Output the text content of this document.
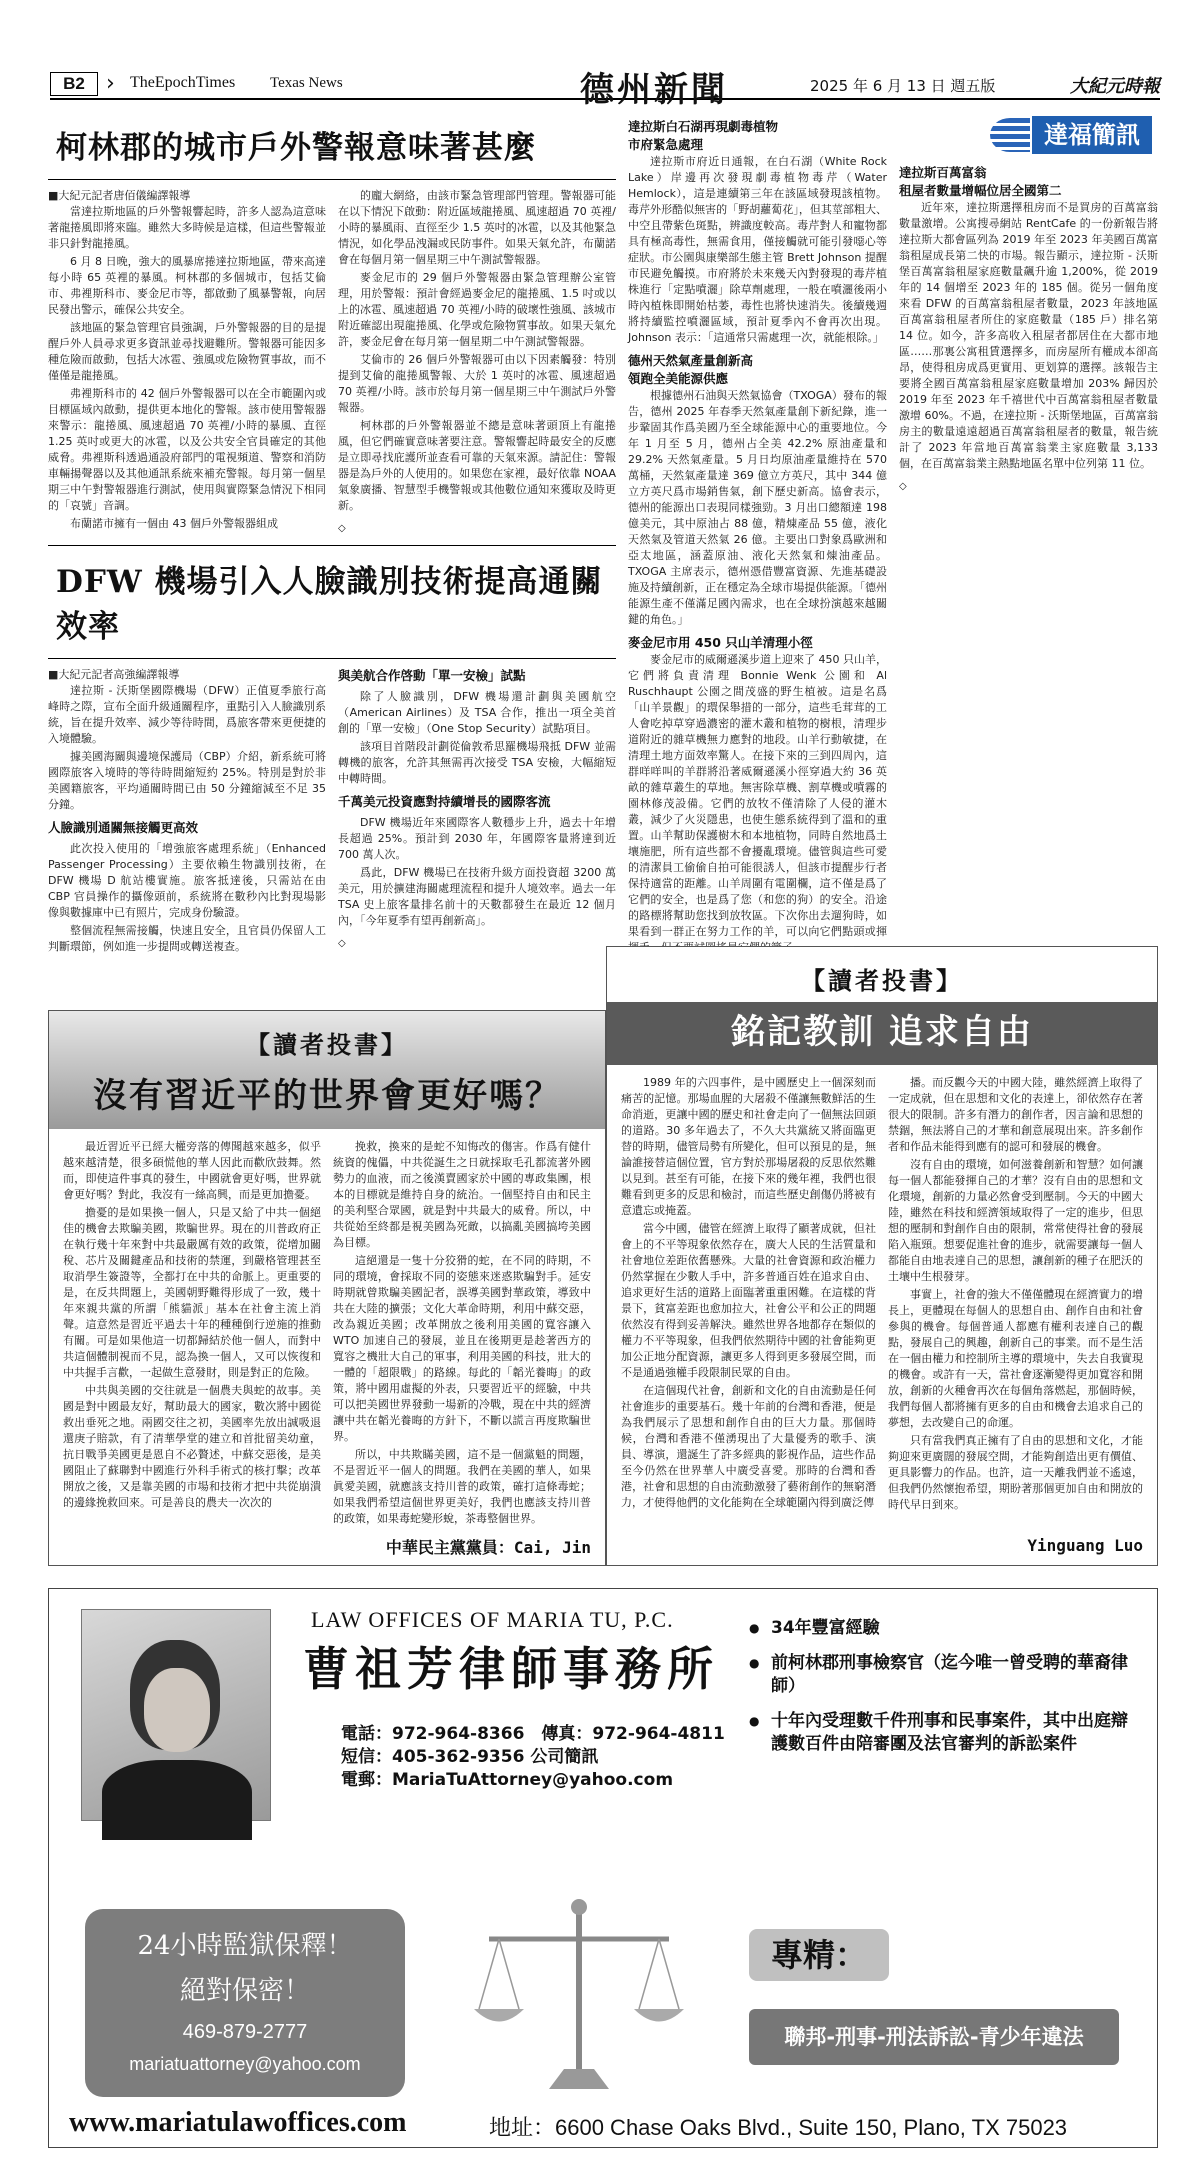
B2 › TheEpochTimes Texas News	德州新聞	2025 年 6 月 13 日 週五版	大紀元時報
柯林郡的城市戶外警報意味著甚麼
■大紀元記者唐佰儀編譯報導

當達拉斯地區的戶外警報響起時，許多人認為這意味著龍捲風即將來臨。雖然大多時候是這樣，但這些警報並非只針對龍捲風。

6 月 8 日晚，強大的風暴席捲達拉斯地區，帶來高達每小時 65 英裡的暴風。柯林郡的多個城市，包括艾倫市、弗裡斯科市、麥金尼市等，都啟動了風暴警報，向居民發出警示，確保公共安全。

該地區的緊急管理官員強調，戶外警報器的目的是提醒戶外人員尋求更多資訊並尋找避難所。警報器可能因多種危險而啟動，包括大冰雹、強風或危險物質事故，而不僅僅是龍捲風。

弗裡斯科市的 42 個戶外警報器可以在全市範圍內或目標區域內啟動，提供更本地化的警報。該市使用警報器來警示：龍捲風、風速超過 70 英裡/小時的暴風、直徑 1.25 英吋或更大的冰雹，以及公共安全官員確定的其他威脅。弗裡斯科透過通設府部門的電視頻道、警察和消防車輛揚聲器以及其他通訊系統來補充警報。每月第一個星期三中午對警報器進行測試，使用與實際緊急情況下相同的「哀號」音調。

布蘭諾市擁有一個由 43 個戶外警報器組成

的龐大網絡，由該市緊急管理部門管理。警報器可能在以下情況下啟動：附近區域龍捲風、風速超過 70 英裡/小時的暴風雨、直徑至少 1.5 英吋的冰雹，以及其他緊急情況，如化學品洩漏或民防事件。如果天氣允許，布蘭諾會在每個月第一個星期三中午測試警報器。

麥金尼市的 29 個戶外警報器由緊急管理辦公室管理，用於警報：預計會經過麥金尼的龍捲風、1.5 吋或以上的冰雹、風速超過 70 英裡/小時的破壞性強風、該城市附近確認出現龍捲風、化學或危險物質事故。如果天氣允許，麥金尼會在每月第一個星期二中午測試警報器。

艾倫市的 26 個戶外警報器可由以下因素觸發：特別提到艾倫的龍捲風警報、大於 1 英吋的冰雹、風速超過 70 英裡/小時。該市於每月第一個星期三中午測試戶外警報器。

柯林郡的戶外警報器並不總是意味著頭頂上有龍捲風，但它們確實意味著要注意。警報響起時最安全的反應是立即尋找庇護所並查看可靠的天氣來源。請記住：警報器是為戶外的人使用的。如果您在家裡，最好依靠 NOAA 氣象廣播、智慧型手機警報或其他數位通知來獲取及時更新。

◇
DFW 機場引入人臉識別技術提高通關效率
■大紀元記者高強編譯報導

達拉斯 - 沃斯堡國際機場（DFW）正值夏季旅行高峰時之際，宣布全面升級通關程序，重點引入人臉識別系統，旨在提升效率、減少等待時間，爲旅客帶來更便捷的入境體驗。

據美國海關與邊境保護局（CBP）介紹，新系統可將國際旅客入境時的等待時間縮短約 25%。特別是對於非美國籍旅客，平均通關時間已由 50 分鐘縮減至不足 35 分鐘。

人臉識別通關無接觸更高效

此次投入使用的「增強旅客處理系統」（Enhanced Passenger Processing）主要依賴生物識別技術，在 DFW 機場 D 航站樓實施。旅客抵達後，只需站在由 CBP 官員操作的攝像頭前，系統將在數秒內比對現場影像與數據庫中已有照片，完成身份驗證。

整個流程無需接觸，快速且安全，且官員仍保留人工判斷環節，例如進一步提問或轉送複查。

與美航合作啓動「單一安檢」試點

除了人臉識別，DFW 機場還計劃與美國航空（American Airlines）及 TSA 合作，推出一項全美首創的「單一安檢」（One Stop Security）試點項目。

該項目首階段計劃從倫敦希思羅機場飛抵 DFW 並需轉機的旅客，允許其無需再次接受 TSA 安檢，大幅縮短中轉時間。

千萬美元投資應對持續增長的國際客流

DFW 機場近年來國際客人數穩步上升，過去十年增長超過 25%。預計到 2030 年，年國際客量將達到近 700 萬人次。

爲此，DFW 機場已在技術升級方面投資超 3200 萬美元，用於擴建海關處理流程和提升人境效率。過去一年 TSA 史上旅客量排名前十的天數都發生在最近 12 個月內，「今年夏季有望再創新高」。

◇
達福簡訊
達拉斯白石湖再現劇毒植物
市府緊急處理

達拉斯市府近日通報，在白石湖（White Rock Lake）岸邊再次發現劇毒植物毒芹（Water Hemlock），這是連續第三年在該區域發現該植物。毒芹外形酷似無害的「野胡蘿蔔花」，但其莖部粗大、中空且帶紫色斑點，辨識度較高。毒芹對人和寵物都具有極高毒性，無需食用，僅接觸就可能引發噁心等症狀。市公園與康樂部生態主管 Brett Johnson 提醒市民避免觸摸。市府將於未來幾天內對發現的毒芹植株進行「定點噴灑」除草劑處理，一般在噴灑後兩小時內植株即開始枯萎，毒性也將快速消失。後續幾週將持續監控噴灑區域，預計夏季內不會再次出現。Johnson 表示：「這通常只需處理一次，就能根除。」

德州天然氣產量創新高
領跑全美能源供應

根據德州石油與天然氣協會（TXOGA）發布的報告，德州 2025 年春季天然氣產量創下新紀錄，進一步鞏固其作爲美國乃至全球能源中心的重要地位。今年 1 月至 5 月，德州占全美 42.2% 原油產量和 29.2% 天然氣產量。5 月日均原油產量維持在 570 萬桶，天然氣產量達 369 億立方英尺，其中 344 億立方英尺爲市場銷售氣，創下歷史新高。協會表示，德州的能源出口表現同樣強勁。3 月出口總額達 198 億美元，其中原油占 88 億，精煉產品 55 億，液化天然氣及管道天然氣 26 億。主要出口對象爲歐洲和亞太地區，涵蓋原油、液化天然氣和煉油產品。TXOGA 主席表示，德州憑借豐富資源、先進基礎設施及持續創新，正在穩定為全球市場提供能源。「德州能源生產不僅滿足國內需求，也在全球扮演越來越關鍵的角色。」

麥金尼市用 450 只山羊清理小徑

麥金尼市的威爾遜溪步道上迎來了 450 只山羊，它們將負責清理 Bonnie Wenk 公園和 Al Ruschhaupt 公園之間茂盛的野生植被。這是名爲「山羊景觀」的環保舉措的一部分，這些毛茸茸的工人會吃掉草穿過濃密的灌木叢和植物的樹根，清理步道附近的雜草機無力應對的地段。山羊行動敏捷，在清理土地方面效率驚人。在接下來的三到四周內，這群咩咩叫的羊群將沿著威爾遜溪小徑穿過大約 36 英畝的雜草叢生的草地。無害除草機、割草機或噴霧的園林修茂設備。它們的放牧不僅清除了人侵的灌木叢，減少了火災隱患，也使生態系統得到了溫和的重置。山羊幫助保護樹木和本地植物，同時自然地爲土壤施肥，所有這些都不會擾亂環境。儘管與這些可愛的清潔員工偷偷自拍可能很誘人，但該市提醒步行者保持適當的距離。山羊周圍有電圍欄，這不僅是爲了它們的安全，也是爲了您（和您的狗）的安全。沿途的路標將幫助您找到放牧區。下次你出去遛狗時，如果看到一群正在努力工作的羊，可以向它們點頭或揮

達拉斯百萬富翁
租屋者數量增幅位居全國第二

近年來，達拉斯選擇租房而不是買房的百萬富翁數量激增。公寓搜尋網站 RentCafe 的一份新報告將達拉斯大都會區列為 2019 年至 2023 年美國百萬富翁租屋成長第二快的市場。報告顯示，達拉斯 - 沃斯堡百萬富翁租屋家庭數量飆升逾 1,200%，從 2019 年的 14 個增至 2023 年的 185 個。從另一個角度來看 DFW 的百萬富翁租屋者數量，2023 年該地區百萬富翁租屋者所住的家庭數量（185 戶）排名第 14 位。如今，許多高收入租屋者都居住在大都市地區……那裏公寓租賃選擇多，而房屋所有權成本卻高昂，使得租房成爲更實用、更划算的選擇。該報告主要將全國百萬富翁租屋家庭數量增加 203% 歸因於 2019 年至 2023 年千禧世代中百萬富翁租屋者數量激增 60%。不過，在達拉斯 - 沃斯堡地區，百萬富翁房主的數量遠遠超過百萬富翁租屋者的數量，報告統計了 2023 年當地百萬富翁業主家庭數量 3,133 個，在百萬富翁業主熱點地區名單中位列第 11 位。

◇
【讀者投書】
沒有習近平的世界會更好嗎？

最近習近平已經大權旁落的傳聞越來越多，似乎越來越清楚，很多碩慌他的華人因此而歡欣鼓舞。然而，即使這件事真的發生，中國就會更好嗎，世界就會更好嗎？對此，我沒有一絲高興，而是更加擔憂。

擔憂的是如果換一個人，只是又給了中共一個絕佳的機會去欺騙美國，欺騙世界。現在的川普政府正在執行幾十年來對中共最嚴厲有效的政策，從增加關稅、芯片及關鍵產品和技術的禁運，到嚴格管理甚至取消學生簽證等，全都打在中共的命脈上。更重要的是，在反共問題上，美國朝野難得形成了一致，幾十年來親共黨的所謂「熊貓派」基本在社會主流上消聲。這意然是習近平過去十年的種種倒行逆施的推動有關。可是如果他這一切都歸結於他一個人，而對中共這個體制視而不見，認為換一個人，又可以恢復和中共握手言歡，一起做生意發財，則是對正的危險。

中共與美國的交往就是一個農夫與蛇的故事。美國是對中國最友好，幫助最大的國家，數次將中國從救出垂死之地。兩國交往之初，美國率先放出誠吸退還庚子賠款，有了清華學堂的建立和首批留美幼童，抗日戰爭美國更是恩自不必贅述，中蘇交惡後，是美國阻止了蘇聯對中國進行外科手術式的核打擊；改革開放之後，又是靠美國的市場和技術才把中共從崩潰的邊緣挽救回來。可是善良的農夫一次次的

挽救，換來的是蛇不知悔改的傷害。作爲有健什統資的傀儡，中共從誕生之日就採取毛孔都流著外國勢力的血液，而之後漢賣國家於中國的專政集團，根本的目標就是維持自身的統治。一個堅持自由和民主的美利堅合眾國，就是對中共最大的威脅。所以，中共從始至終都是視美國為死敵，以搞亂美國搞垮美國為目標。

這絕還是一隻十分狡猾的蛇，在不同的時期，不同的環境，會採取不同的姿態來迷惑欺騙對手。延安時期就曾欺騙美國記者，誤導美國對華政策，導致中共在大陸的擴張；文化大革命時期，利用中蘇交惡，改為親近美國；改革開放之後利用美國的寬容讓入 WTO 加速自己的發展，並且在後期更是趁著西方的寬容之機壯大自己的軍事，利用美國的科技，壯大的一體的「超限戰」的路線。每此的「韜光養晦」的政策，將中國用虛擬的外表，只要習近平的經驗，中共可以把美國世界發動一場新的冷戰，現在中共的經濟讓中共在韜光養晦的方針下，不斷以謊言再度欺騙世界。

所以，中共欺瞞美國，這不是一個黨魁的問題，不是習近平一個人的問題。我們在美國的華人，如果眞愛美國，就應該支持川普的政策，確打這條毒蛇；如果我們希望這個世界更美好，我們也應該支持川普的政策，如果毒蛇變形蛻，茶毒整個世界。

中華民主黨黨員：Cai, Jin
【讀者投書】
銘記教訓 追求自由

1989 年的六四事件，是中國歷史上一個深刻而痛苦的記憶。那場血腥的大屠殺不僅讓無數鮮活的生命消逝，更讓中國的歷史和社會走向了一個無法回頭的道路。30 多年過去了，不久大共黨統又將面臨更替的時期，儘管局勢有所變化，但可以預見的是，無論誰接替這個位置，官方對於那場屠殺的反思依然難以見到。甚至有可能，在接下來的幾年裡，我們也很難看到更多的反思和檢討，而這些歷史創傷仍將被有意遺忘或掩蓋。

當今中國，儘管在經濟上取得了顯著成就，但社會上的不平等現象依然存在，廣大人民的生活質量和社會地位差距依舊懸殊。大量的社會資源和政治權力仍然掌握在少數人手中，許多普通百姓在追求自由、追求更好生活的道路上面臨著重重困難。在這樣的背景下，貧富差距也愈加拉大，社會公平和公正的問題依然沒有得到妥善解決。雖然世界各地都存在類似的權力不平等現象，但我們依然期待中國的社會能夠更加公正地分配資源，讓更多人得到更多發展空間，而不是通過強權手段限制民眾的自由。

在這個現代社會，創新和文化的自由流動是任何社會進步的重要基石。幾十年前的台灣和香港，便是為我們展示了思想和創作自由的巨大力量。那個時候，台灣和香港不僅湧現出了大量優秀的歌手、演員、導演，還誕生了許多經典的影視作品，這些作品至今仍然在世界華人中廣受喜愛。那時的台灣和香港，社會和思想的自由流動激發了藝術創作的無窮潛力，才使得他們的文化能夠在全球範圍內得到廣泛傳

播。而反觀今天的中國大陸，雖然經濟上取得了一定成就，但在思想和文化的表達上，卻依然存在著很大的限制。許多有潛力的創作者，因言論和思想的禁錮，無法將自己的才華和創意展現出來。許多創作者和作品未能得到應有的認可和發展的機會。

沒有自由的環境，如何滋養創新和智慧？如何讓每一個人都能發揮自己的才華？沒有自由的思想和文化環境，創新的力量必然會受到壓制。今天的中國大陸，雖然在科技和經濟領域取得了一定的進步，但思想的壓制和對創作自由的限制，常常使得社會的發展陷入瓶頸。想要促進社會的進步，就需要讓每一個人都能自由地表達自己的思想，讓創新的種子在肥沃的土壤中生根發芽。

事實上，社會的強大不僅僅體現在經濟實力的增長上，更體現在每個人的思想自由、創作自由和社會參與的機會。每個普通人都應有權利表達自己的觀點，發展自己的興趣，創新自己的事業。而不是生活在一個由權力和控制所主導的環境中，失去自我實現的機會。或許有一天，當社會逐漸變得更加寬容和開放，創新的火種會再次在每個角落燃起，那個時候，我們每個人都將擁有更多的自由和機會去追求自己的夢想，去改變自己的命運。

只有當我們真正擁有了自由的思想和文化，才能夠迎來更廣闊的發展空間，才能夠創造出更有價值、更具影響力的作品。也許，這一天離我們並不遙遠，但我們仍然懷抱希望，期盼著那個更加自由和開放的時代早日到來。

Yinguang Luo
LAW OFFICES OF MARIA TU, P.C.
曹祖芳律師事務所
電話：972-964-8366　傳真：972-964-4811
短信：405-362-9356 公司簡訊
電郵：MariaTuAttorney@yahoo.com
● 34年豐富經驗
● 前柯林郡刑事檢察官（迄今唯一曾受聘的華裔律師）
● 十年內受理數千件刑事和民事案件，其中出庭辯護數百件由陪審團及法官審判的訴訟案件
24小時監獄保釋！
絕對保密！
469-879-2777
mariatuattorney@yahoo.com
專精：
聯邦-刑事-刑法訴訟-青少年違法
www.mariatulawoffices.com	地址：6600 Chase Oaks Blvd., Suite 150, Plano, TX 75023
